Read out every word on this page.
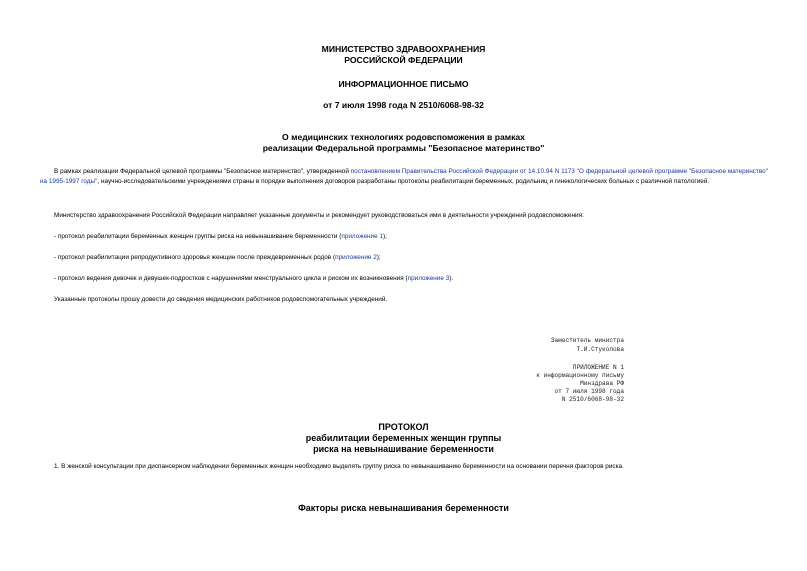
МИНИСТЕРСТВО ЗДРАВООХРАНЕНИЯ
РОССИЙСКОЙ ФЕДЕРАЦИИ
ИНФОРМАЦИОННОЕ ПИСЬМО
от 7 июля 1998 года N 2510/6068-98-32
О медицинских технологиях родовспоможения в рамках
реализации Федеральной программы "Безопасное материнство"
В рамках реализации Федеральной целевой программы "Безопасное материнство", утвержденной постановлением Правительства Российской Федерации от 14.10.94 N 1173 "О федеральной целевой программе "Безопасное материнство" на 1995-1997 годы", научно-исследовательскими учреждениями страны в порядке выполнения договоров разработаны протоколы реабилитации беременных, родильниц и гинекологических больных с различной патологией.
Министерство здравоохранения Российской Федерации направляет указанные документы и рекомендует руководствоваться ими в деятельности учреждений родовспоможения:
- протокол реабилитации беременных женщин группы риска на невынашивание беременности (приложение 1);
- протокол реабилитации репродуктивного здоровья женщин после преждевременных родов (приложение 2);
- протокол ведения девочек и девушек-подростков с нарушениями менструального цикла и риском их возникновения (приложение 3).
Указанные протоколы прошу довести до сведения медицинских работников родовспомогательных учреждений.
Заместитель министра
Т.И.Стуколова
ПРИЛОЖЕНИЕ N 1
к информационному письму
Минздрава РФ
от 7 июля 1998 года
N 2510/6068-98-32
ПРОТОКОЛ
реабилитации беременных женщин группы
риска на невынашивание беременности
1. В женской консультации при диспансерном наблюдении беременных женщин необходимо выделять группу риска по невынашиванию беременности на основании перечня факторов риска.
Факторы риска невынашивания беременности
